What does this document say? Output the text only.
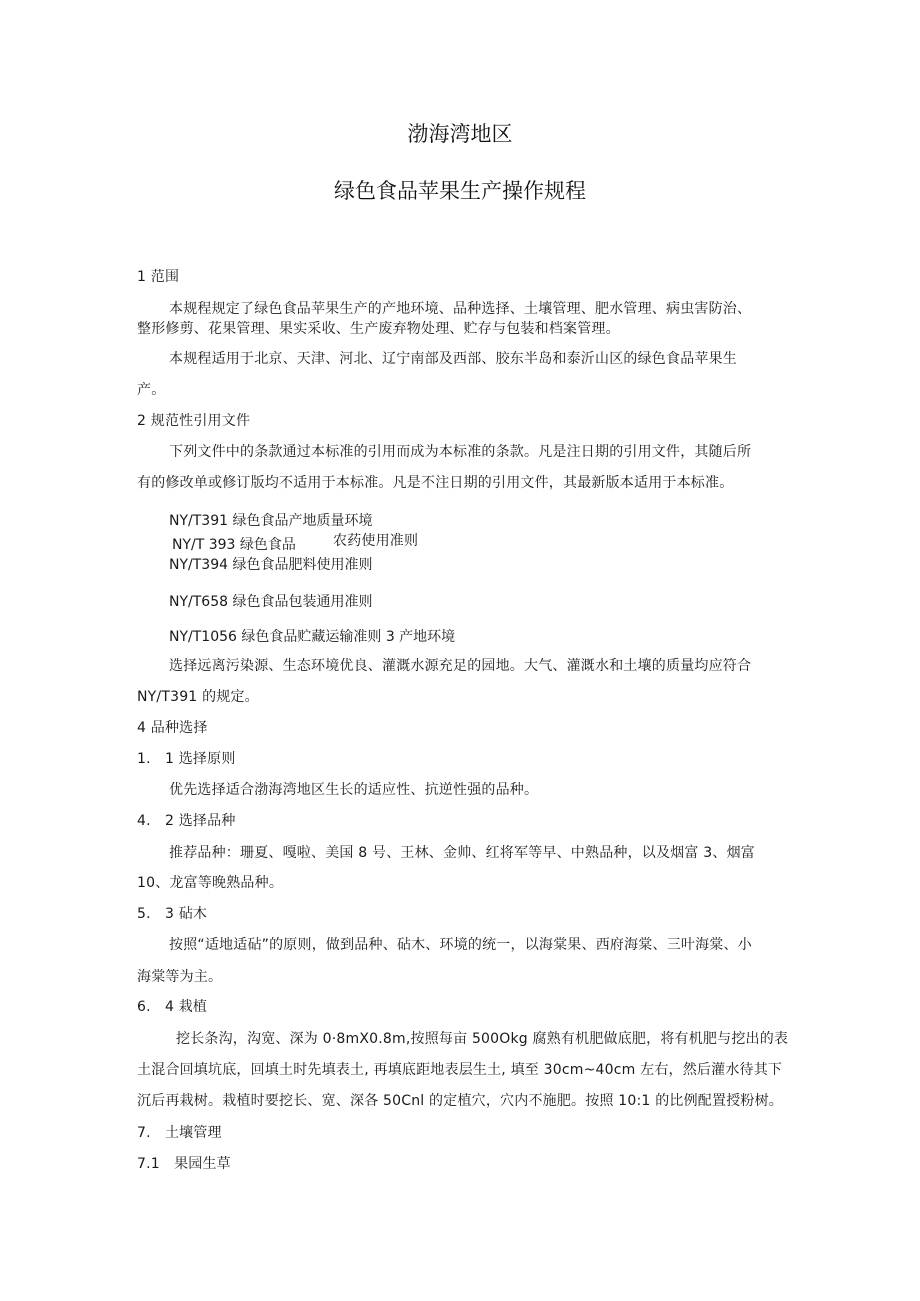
渤海湾地区
绿色食品苹果生产操作规程
1 范围
本规程规定了绿色食品苹果生产的产地环境、品种选择、土壤管理、肥水管理、病虫害防治、
整形修剪、花果管理、果实采收、生产废弃物处理、贮存与包装和档案管理。
本规程适用于北京、天津、河北、辽宁南部及西部、胶东半岛和泰沂山区的绿色食品苹果生
产。
2 规范性引用文件
下列文件中的条款通过本标准的引用而成为本标准的条款。凡是注日期的引用文件，其随后所
有的修改单或修订版均不适用于本标准。凡是不注日期的引用文件，其最新版本适用于本标准。
NY/T391 绿色食品产地质量环境
NY/T 393 绿色食品	农药使用准则
NY/T394 绿色食品肥料使用准则
NY/T658 绿色食品包装通用准则
NY/T1056 绿色食品贮藏运输准则 3 产地环境
选择远离污染源、生态环境优良、灌溉水源充足的园地。大气、灌溉水和土壤的质量均应符合
NY/T391 的规定。
4 品种选择
1.　1 选择原则
优先选择适合渤海湾地区生长的适应性、抗逆性强的品种。
4.　2 选择品种
推荐品种：珊夏、嘎啦、美国 8 号、王林、金帅、红将军等早、中熟品种，以及烟富 3、烟富
10、龙富等晚熟品种。
5.　3 砧木
按照“适地适砧”的原则，做到品种、砧木、环境的统一，以海棠果、西府海棠、三叶海棠、小
海棠等为主。
6.　4 栽植
挖长条沟，沟宽、深为 0·8mX0.8m,按照每亩 500Okg 腐熟有机肥做底肥，将有机肥与挖出的表
土混合回填坑底，回填土时先填表土, 再填底距地表层生土, 填至 30cm~40cm 左右，然后灌水待其下
沉后再栽树。栽植时要挖长、宽、深各 50Cnl 的定植穴，穴内不施肥。按照 10:1 的比例配置授粉树。
7.　土壤管理
7.1　果园生草
